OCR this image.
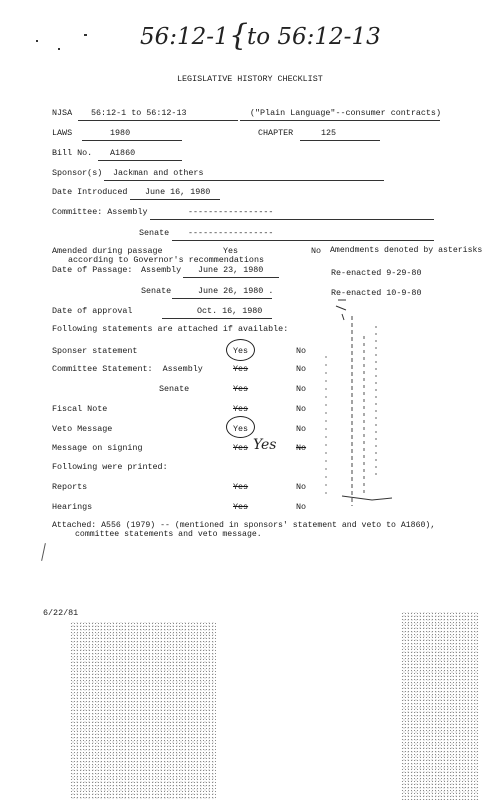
56:12-1 {
to 56:12-13
LEGISLATIVE HISTORY CHECKLIST
NJSA 56:12-1 to 56:12-13	("Plain Language"--consumer contracts)
LAWS	1980	CHAPTER	125
Bill No. A1860
Sponsor(s) Jackman and others
Date Introduced June 16, 1980
Committee: Assembly	-----------------
Senate -----------------
Amended during passage	Yes	No Amendments denoted by asterisks
according to Governor's recommendations
Date of Passage: Assembly June 23, 1980	Re-enacted 9-29-80
Senate	June 26, 1980 .	Re-enacted 10-9-80
Date of approval	Oct. 16, 1980
Following statements are attached if available:
Sponser statement	Yes	No
Committee Statement:  Assembly	Yes	No
Senate	Yes	No
Fiscal Note	Yes	No
Veto Message	Yes	No
Message on signing	Yes Yes No
Following were printed:
Reports	Yes	No
Hearings	Yes	No
Attached: A556 (1979) -- (mentioned in sponsors' statement and veto to A1860),
committee statements and veto message.
6/22/81
